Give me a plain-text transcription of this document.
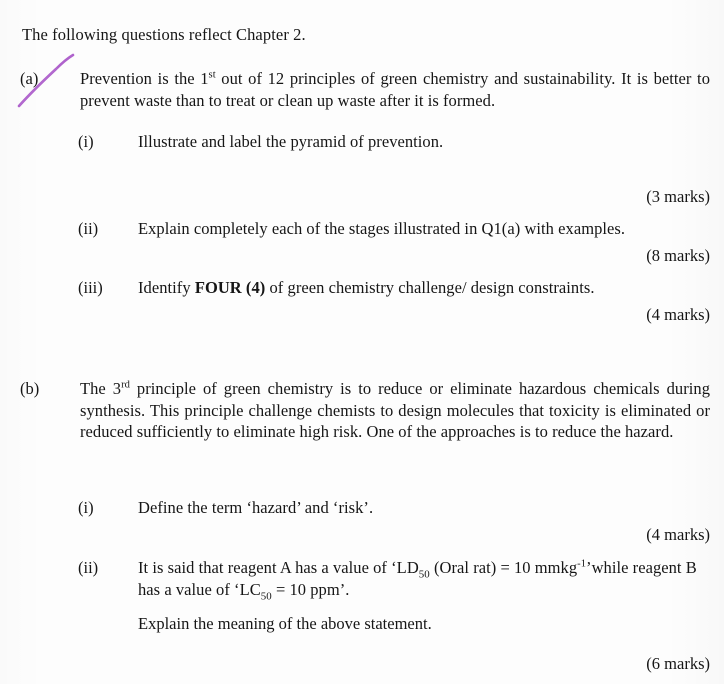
The following questions reflect Chapter 2.
(a)	Prevention is the 1st out of 12 principles of green chemistry and sustainability. It is better to prevent waste than to treat or clean up waste after it is formed.
(i)	Illustrate and label the pyramid of prevention.
(3 marks)
(ii)	Explain completely each of the stages illustrated in Q1(a) with examples.
(8 marks)
(iii)	Identify FOUR (4) of green chemistry challenge/ design constraints.
(4 marks)
(b)	The 3rd principle of green chemistry is to reduce or eliminate hazardous chemicals during synthesis. This principle challenge chemists to design molecules that toxicity is eliminated or reduced sufficiently to eliminate high risk. One of the approaches is to reduce the hazard.
(i)	Define the term ‘hazard’ and ‘risk’.
(4 marks)
(ii)	It is said that reagent A has a value of ‘$LD_{50}$ (Oral rat) = 10 mmkg$^{-1}$’while reagent B has a value of ‘$LC_{50} = 10$ ppm’.
Explain the meaning of the above statement.
(6 marks)
